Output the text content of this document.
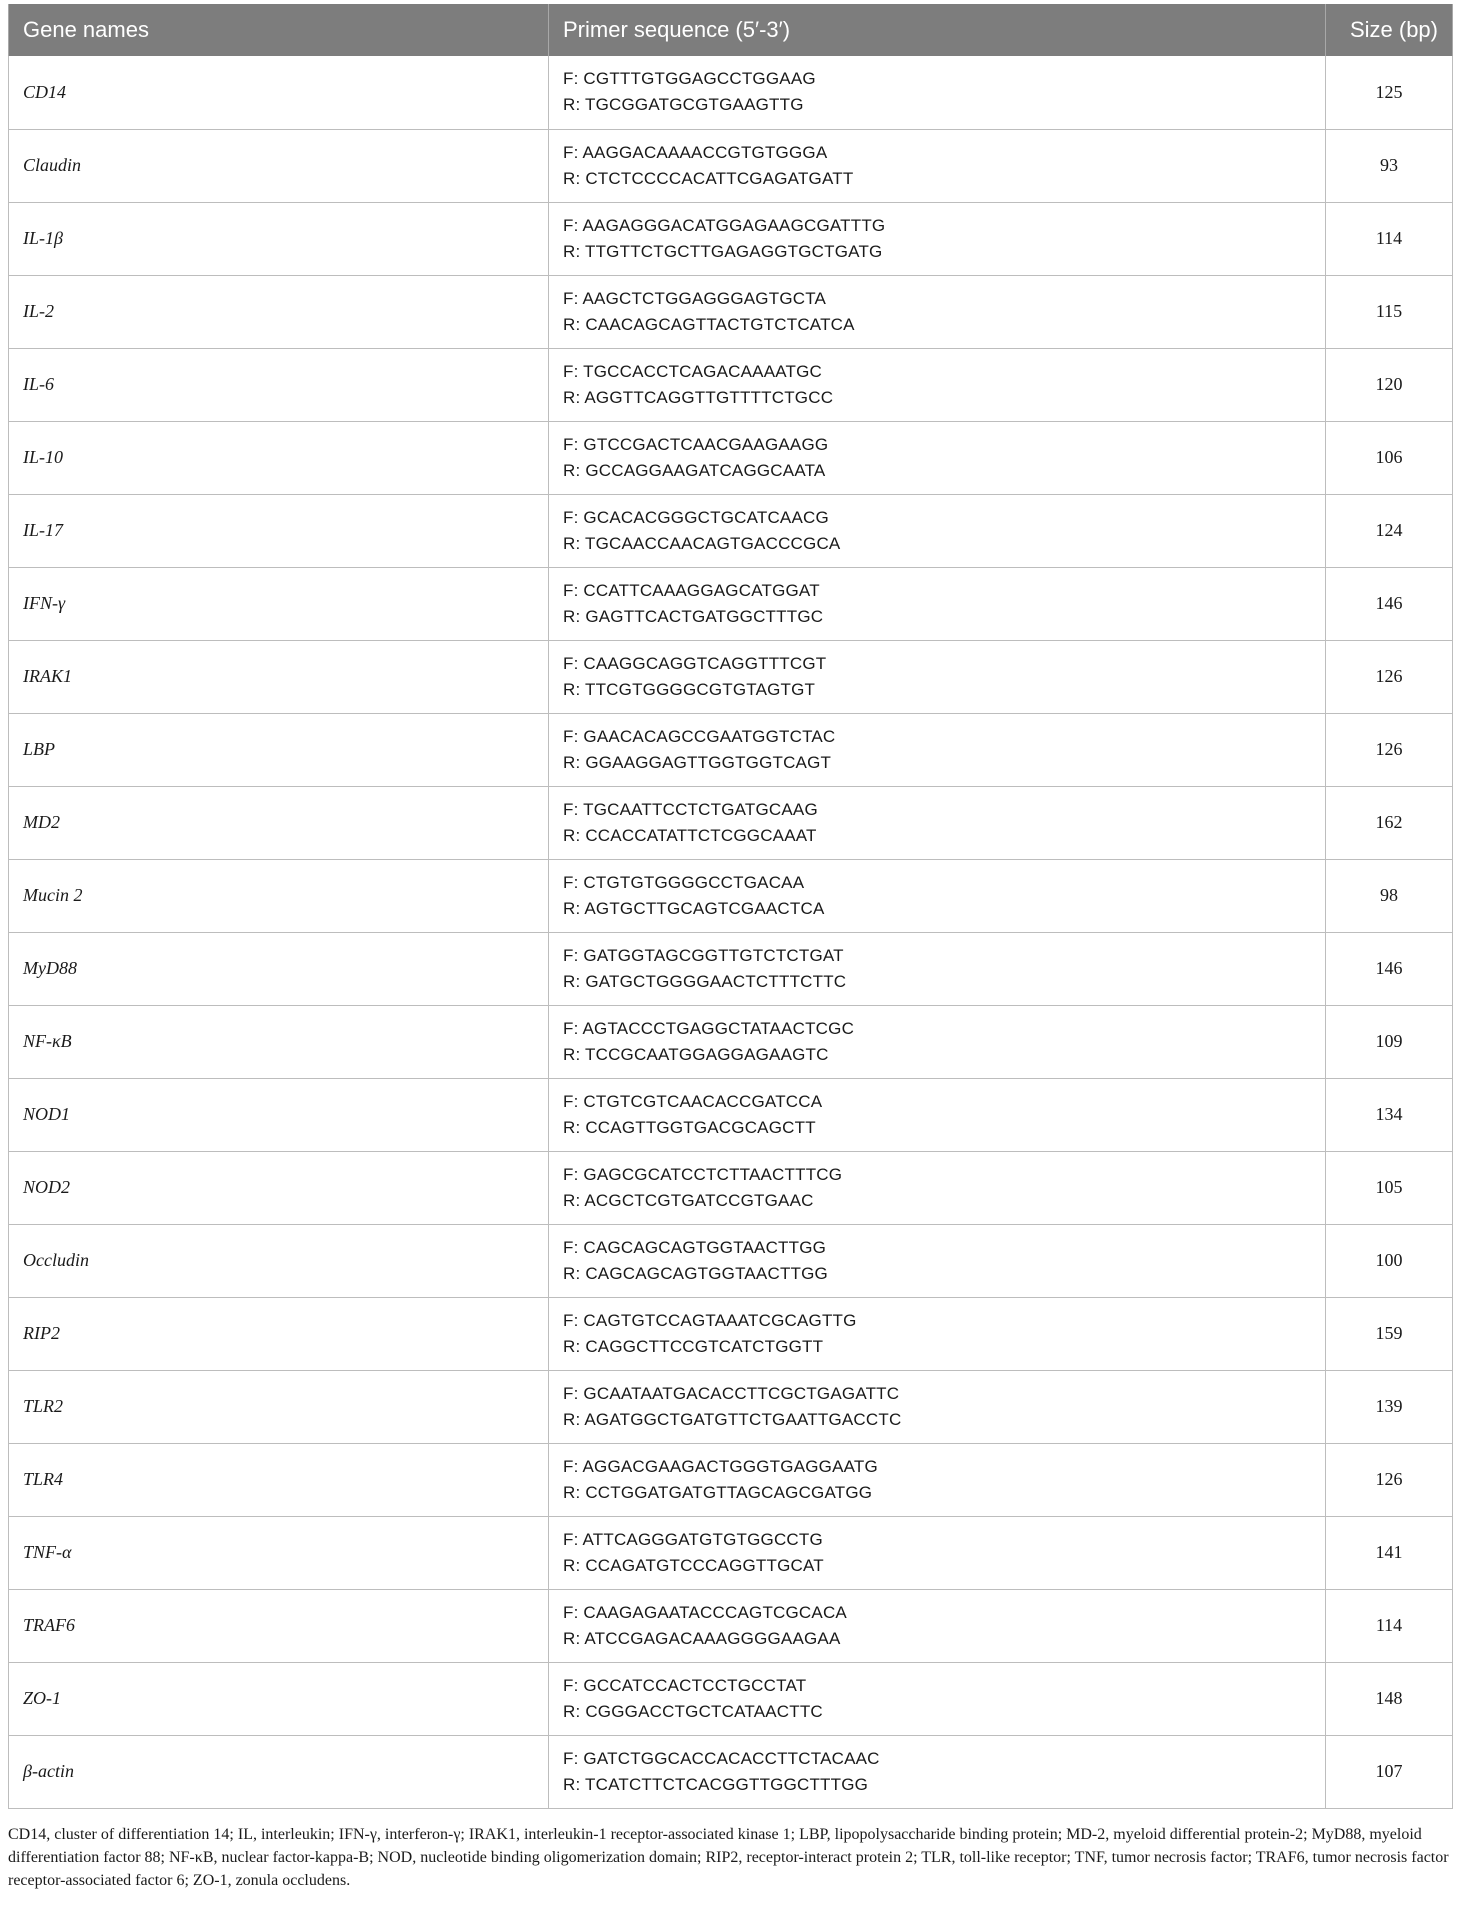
Gene names	Primer sequence (5′-3′)	Size (bp)
CD14	F: CGTTTGTGGAGCCTGGAAG
R: TGCGGATGCGTGAAGTTG	125
Claudin	F: AAGGACAAAACCGTGTGGGA
R: CTCTCCCCACATTCGAGATGATT	93
IL-1β	F: AAGAGGGACATGGAGAAGCGATTTG
R: TTGTTCTGCTTGAGAGGTGCTGATG	114
IL-2	F: AAGCTCTGGAGGGAGTGCTA
R: CAACAGCAGTTACTGTCTCATCA	115
IL-6	F: TGCCACCTCAGACAAAATGC
R: AGGTTCAGGTTGTTTTCTGCC	120
IL-10	F: GTCCGACTCAACGAAGAAGG
R: GCCAGGAAGATCAGGCAATA	106
IL-17	F: GCACACGGGCTGCATCAACG
R: TGCAACCAACAGTGACCCGCA	124
IFN-γ	F: CCATTCAAAGGAGCATGGAT
R: GAGTTCACTGATGGCTTTGC	146
IRAK1	F: CAAGGCAGGTCAGGTTTCGT
R: TTCGTGGGGCGTGTAGTGT	126
LBP	F: GAACACAGCCGAATGGTCTAC
R: GGAAGGAGTTGGTGGTCAGT	126
MD2	F: TGCAATTCCTCTGATGCAAG
R: CCACCATATTCTCGGCAAAT	162
Mucin 2	F: CTGTGTGGGGCCTGACAA
R: AGTGCTTGCAGTCGAACTCA	98
MyD88	F: GATGGTAGCGGTTGTCTCTGAT
R: GATGCTGGGGAACTCTTTCTTC	146
NF-κB	F: AGTACCCTGAGGCTATAACTCGC
R: TCCGCAATGGAGGAGAAGTC	109
NOD1	F: CTGTCGTCAACACCGATCCA
R: CCAGTTGGTGACGCAGCTT	134
NOD2	F: GAGCGCATCCTCTTAACTTTCG
R: ACGCTCGTGATCCGTGAAC	105
Occludin	F: CAGCAGCAGTGGTAACTTGG
R: CAGCAGCAGTGGTAACTTGG	100
RIP2	F: CAGTGTCCAGTAAATCGCAGTTG
R: CAGGCTTCCGTCATCTGGTT	159
TLR2	F: GCAATAATGACACCTTCGCTGAGATTC
R: AGATGGCTGATGTTCTGAATTGACCTC	139
TLR4	F: AGGACGAAGACTGGGTGAGGAATG
R: CCTGGATGATGTTAGCAGCGATGG	126
TNF-α	F: ATTCAGGGATGTGTGGCCTG
R: CCAGATGTCCCAGGTTGCAT	141
TRAF6	F: CAAGAGAATACCCAGTCGCACA
R: ATCCGAGACAAAGGGGAAGAA	114
ZO-1	F: GCCATCCACTCCTGCCTAT
R: CGGGACCTGCTCATAACTTC	148
β-actin	F: GATCTGGCACCACACCTTCTACAAC
R: TCATCTTCTCACGGTTGGCTTTGG	107
CD14, cluster of differentiation 14; IL, interleukin; IFN-γ, interferon-γ; IRAK1, interleukin-1 receptor-associated kinase 1; LBP, lipopolysaccharide binding protein; MD-2, myeloid differential protein-2; MyD88, myeloid differentiation factor 88; NF-κB, nuclear factor-kappa-B; NOD, nucleotide binding oligomerization domain; RIP2, receptor-interact protein 2; TLR, toll-like receptor; TNF, tumor necrosis factor; TRAF6, tumor necrosis factor receptor-associated factor 6; ZO-1, zonula occludens.
